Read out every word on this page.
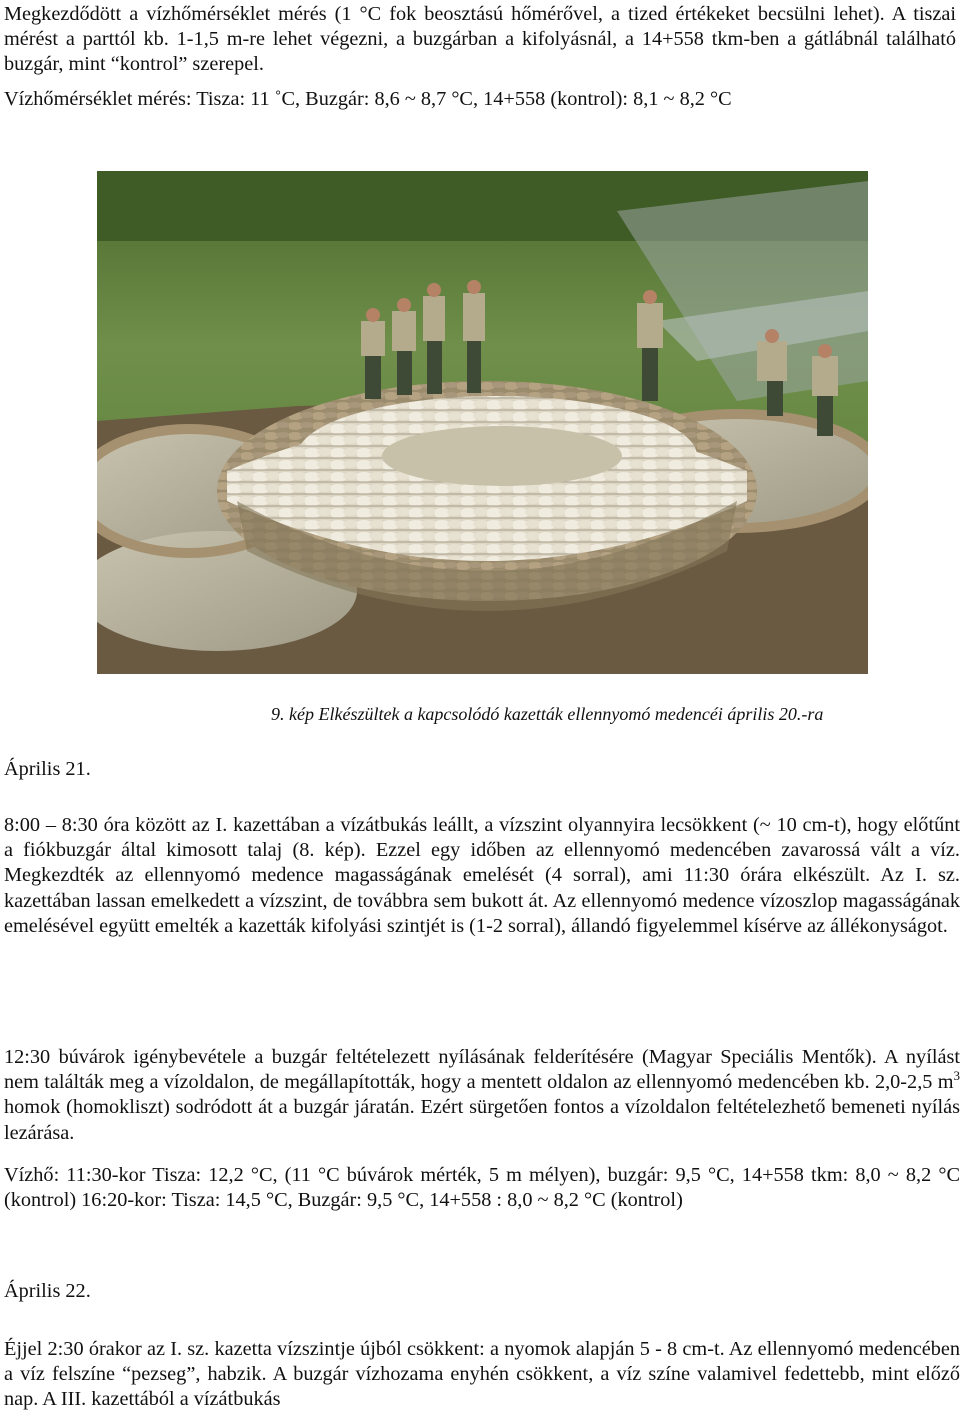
Megkezdődött a vízhőmérséklet mérés (1 °C fok beosztású hőmérővel, a tized értékeket becsülni lehet). A tiszai mérést a parttól kb. 1-1,5 m-re lehet végezni, a buzgárban a kifolyásnál, a 14+558 tkm-ben a gátlábnál található buzgár, mint “kontrol” szerepel.

Vízhőmérséklet mérés: Tisza: 11 ˚C, Buzgár: 8,6 ~ 8,7 °C, 14+558 (kontrol): 8,1 ~ 8,2 °C

9. kép Elkészültek a kapcsolódó kazetták ellennyomó medencéi április 20.-ra
Április 21.

8:00 – 8:30 óra között az I. kazettában a vízátbukás leállt, a vízszint olyannyira lecsökkent (~ 10 cm-t), hogy előtűnt a fiókbuzgár által kimosott talaj (8. kép). Ezzel egy időben az ellennyomó medencében zavarossá vált a víz. Megkezdték az ellennyomó medence magasságának emelését (4 sorral), ami 11:30 órára elkészült. Az I. sz. kazettában lassan emelkedett a vízszint, de továbbra sem bukott át. Az ellennyomó medence vízoszlop magasságának emelésével együtt emelték a kazetták kifolyási szintjét is (1-2 sorral), állandó figyelemmel kísérve az állékonyságot.

12:30 búvárok igénybevétele a buzgár feltételezett nyílásának felderítésére (Magyar Speciális Mentők). A nyílást nem találták meg a vízoldalon, de megállapították, hogy a mentett oldalon az ellennyomó medencében kb. 2,0-2,5 $m^3$ homok (homokliszt) sodródott át a buzgár járatán. Ezért sürgetően fontos a vízoldalon feltételezhető bemeneti nyílás lezárása.

Vízhő: 11:30-kor Tisza: 12,2 °C, (11 °C búvárok mérték, 5 m mélyen), buzgár: 9,5 °C, 14+558 tkm: 8,0 ~ 8,2 °C (kontrol) 16:20-kor: Tisza: 14,5 °C, Buzgár: 9,5 °C, 14+558 : 8,0 ~ 8,2 °C (kontrol)

Április 22.

Éjjel 2:30 órakor az I. sz. kazetta vízszintje újból csökkent: a nyomok alapján 5 - 8 cm-t. Az ellennyomó medencében a víz felszíne “pezseg”, habzik. A buzgár vízhozama enyhén csökkent, a víz színe valamivel fedettebb, mint előző nap. A III. kazettából a vízátbukás
